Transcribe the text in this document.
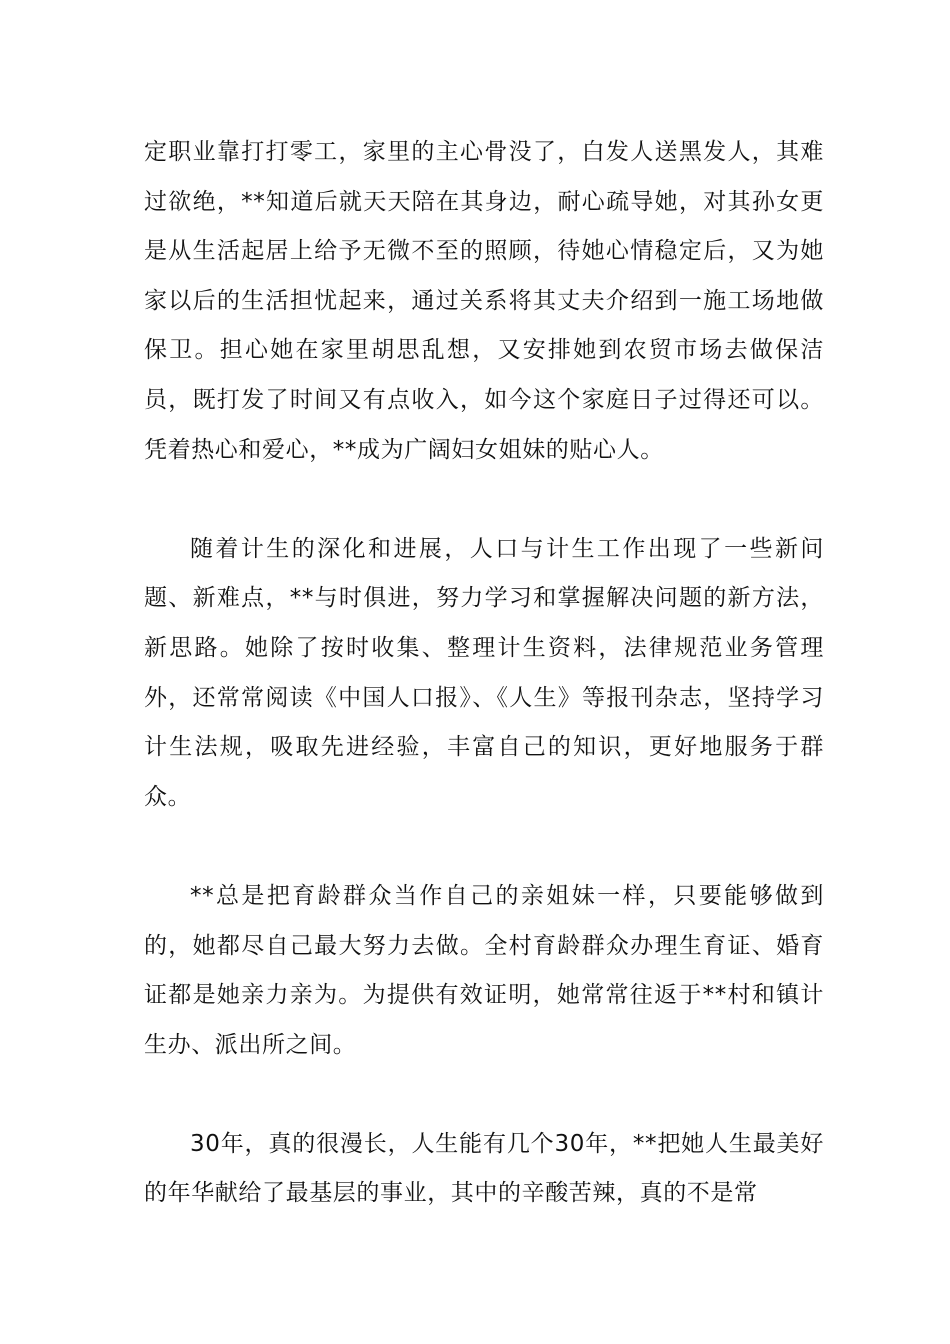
定职业靠打打零工，家里的主心骨没了，白发人送黑发人，其难过欲绝，**知道后就天天陪在其身边，耐心疏导她，对其孙女更是从生活起居上给予无微不至的照顾，待她心情稳定后，又为她家以后的生活担忧起来，通过关系将其丈夫介绍到一施工场地做保卫。担心她在家里胡思乱想，又安排她到农贸市场去做保洁员，既打发了时间又有点收入，如今这个家庭日子过得还可以。凭着热心和爱心，**成为广阔妇女姐妹的贴心人。

随着计生的深化和进展，人口与计生工作出现了一些新问题、新难点，**与时俱进，努力学习和掌握解决问题的新方法，新思路。她除了按时收集、整理计生资料，法律规范业务管理外，还常常阅读《中国人口报》、《人生》等报刊杂志，坚持学习计生法规，吸取先进经验，丰富自己的知识，更好地服务于群众。

**总是把育龄群众当作自己的亲姐妹一样，只要能够做到的，她都尽自己最大努力去做。全村育龄群众办理生育证、婚育证都是她亲力亲为。为提供有效证明，她常常往返于**村和镇计生办、派出所之间。

30年，真的很漫长，人生能有几个30年，**把她人生最美好的年华献给了最基层的事业，其中的辛酸苦辣，真的不是常
